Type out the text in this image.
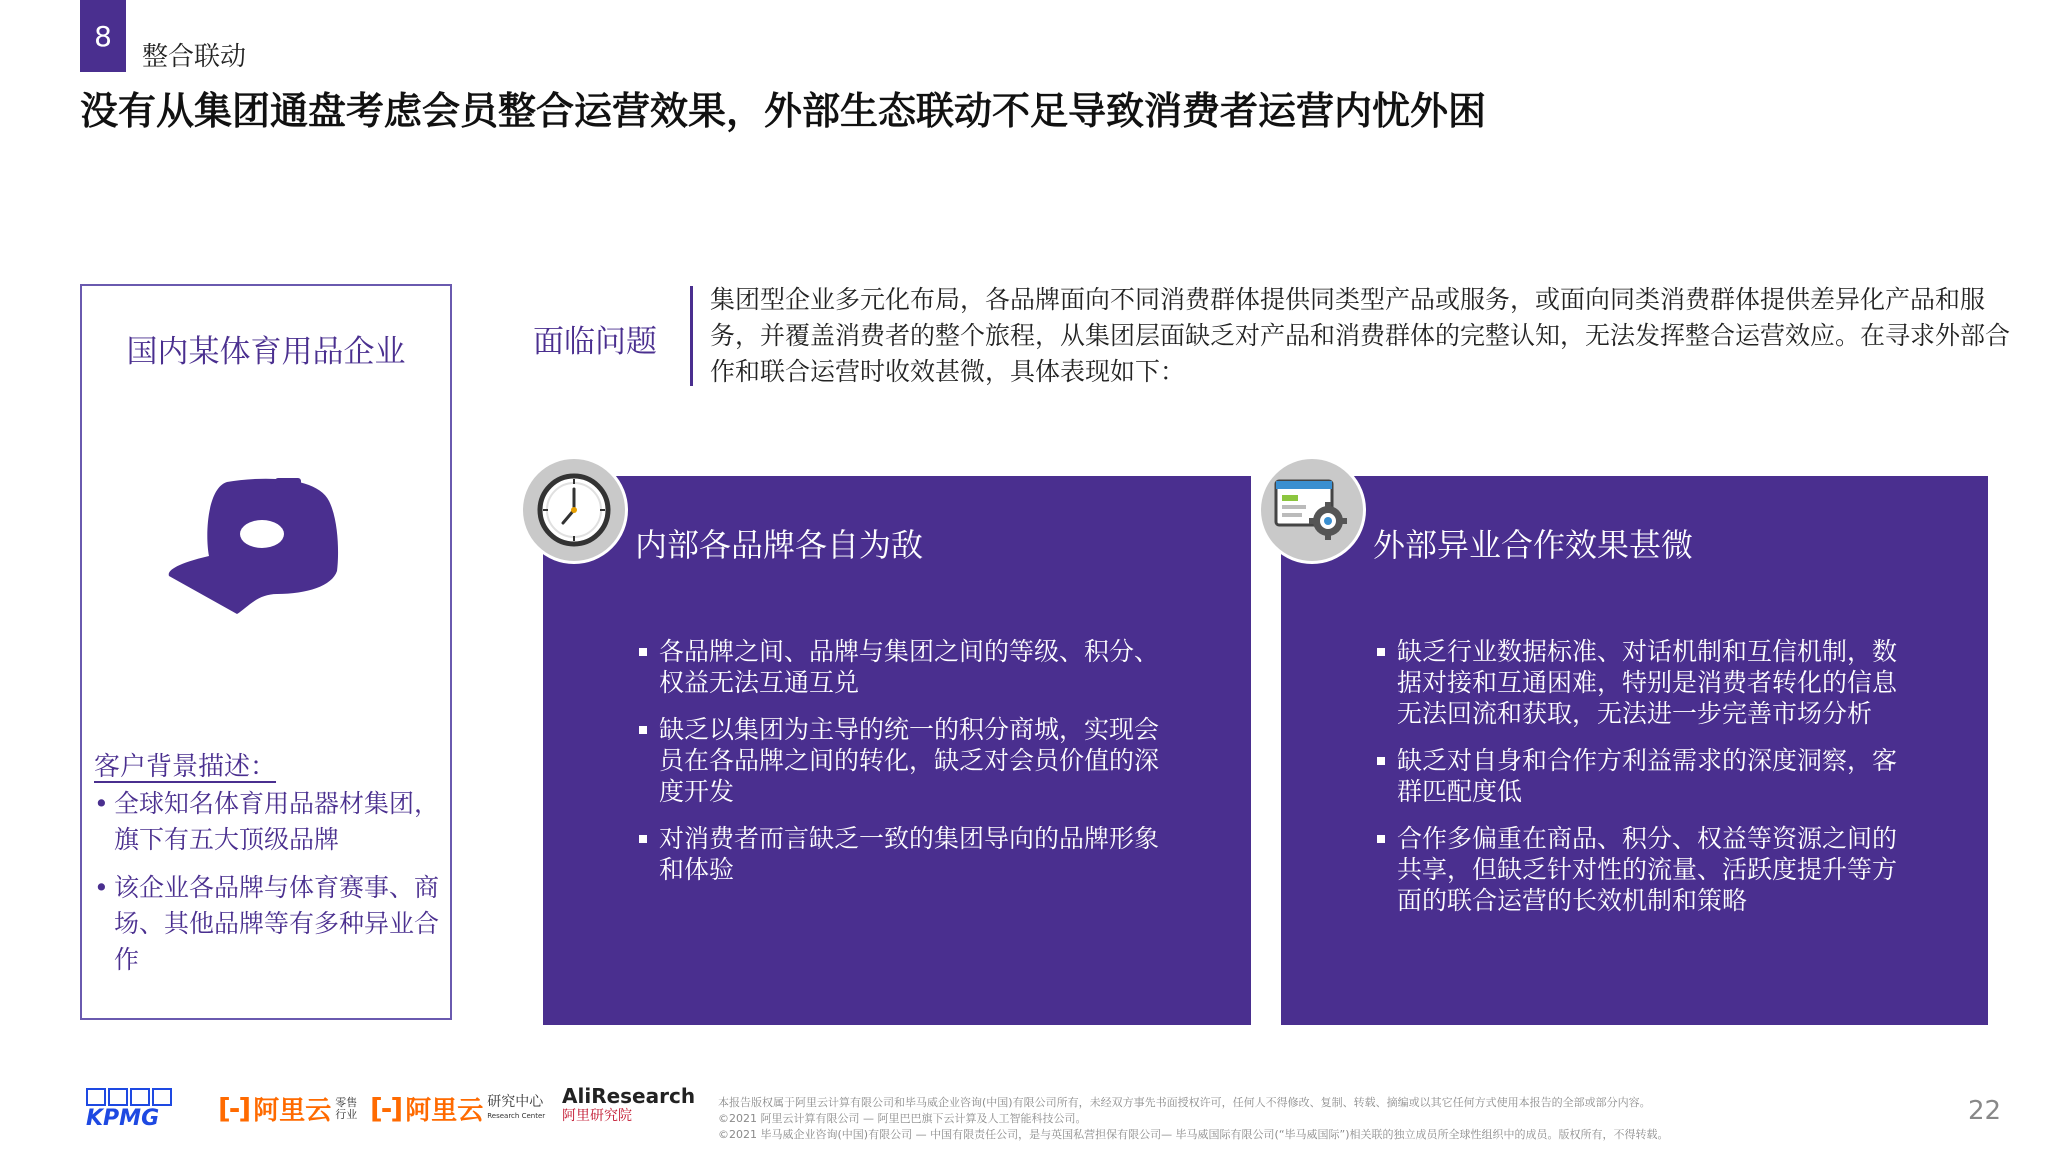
8
整合联动
没有从集团通盘考虑会员整合运营效果，外部生态联动不足导致消费者运营内忧外困
国内某体育用品企业
客户背景描述：
• 全球知名体育用品器材集团，旗下有五大顶级品牌
• 该企业各品牌与体育赛事、商场、其他品牌等有多种异业合作
面临问题
集团型企业多元化布局，各品牌面向不同消费群体提供同类型产品或服务，或面向同类消费群体提供差异化产品和服务，并覆盖消费者的整个旅程，从集团层面缺乏对产品和消费群体的完整认知，无法发挥整合运营效应。在寻求外部合作和联合运营时收效甚微，具体表现如下：
内部各品牌各自为敌
各品牌之间、品牌与集团之间的等级、积分、权益无法互通互兑
缺乏以集团为主导的统一的积分商城，实现会员在各品牌之间的转化，缺乏对会员价值的深度开发
对消费者而言缺乏一致的集团导向的品牌形象和体验
外部异业合作效果甚微
缺乏行业数据标准、对话机制和互信机制，数据对接和互通困难，特别是消费者转化的信息无法回流和获取，无法进一步完善市场分析
缺乏对自身和合作方利益需求的深度洞察，客群匹配度低
合作多偏重在商品、积分、权益等资源之间的共享，但缺乏针对性的流量、活跃度提升等方面的联合运营的长效机制和策略
KPMG	[-] 阿里云 零售
行业 [-] 阿里云 研究中心
Research Center
AliResearch
阿里研究院
本报告版权属于阿里云计算有限公司和毕马威企业咨询(中国)有限公司所有，未经双方事先书面授权许可，任何人不得修改、复制、转载、摘编或以其它任何方式使用本报告的全部或部分内容。
©2021 阿里云计算有限公司 — 阿里巴巴旗下云计算及人工智能科技公司。
©2021 毕马威企业咨询(中国)有限公司 — 中国有限责任公司，是与英国私营担保有限公司— 毕马威国际有限公司(“毕马威国际”)相关联的独立成员所全球性组织中的成员。版权所有，不得转载。
22
